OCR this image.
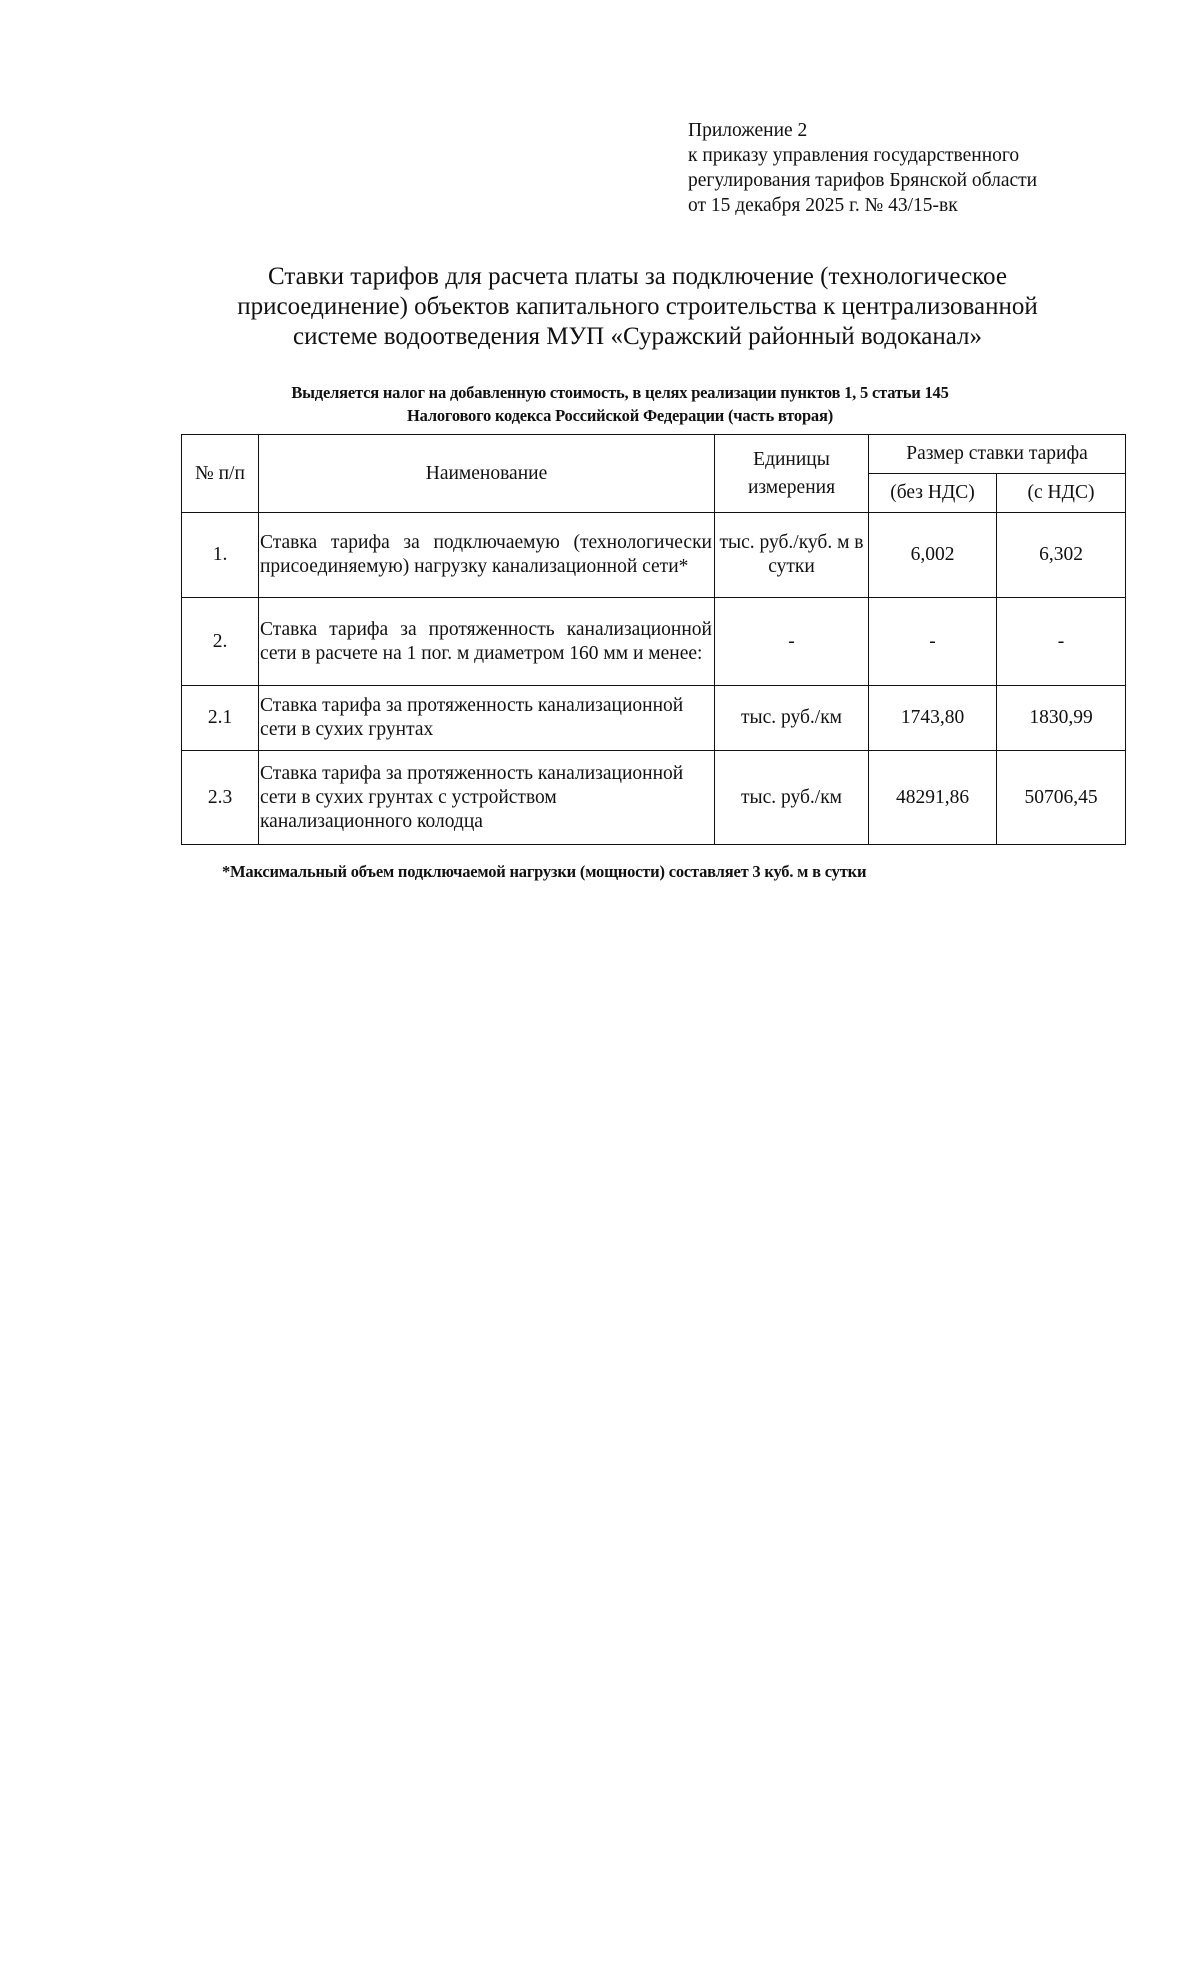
Приложение 2
к приказу управления государственного
регулирования тарифов Брянской области
от 15 декабря 2025 г. № 43/15-вк
Ставки тарифов для расчета платы за подключение (технологическое
присоединение) объектов капитального строительства к централизованной
системе водоотведения МУП «Суражский районный водоканал»
Выделяется налог на добавленную стоимость, в целях реализации пунктов 1, 5 статьи 145
Налогового кодекса Российской Федерации (часть вторая)
№ п/п	Наименование	Единицы измерения	Размер ставки тарифа	
			(без НДС)	(с НДС)
1.	Ставка тарифа за подключаемую (технологически присоединяемую) нагрузку канализационной сети*	тыс. руб./куб. м в сутки	6,002	6,302
2.	Ставка тарифа за протяженность канализационной сети в расчете на 1 пог. м диаметром 160 мм и менее:	-	-	-
2.1	Ставка тарифа за протяженность канализационной сети в сухих грунтах	тыс. руб./км	1743,80	1830,99
2.3	Ставка тарифа за протяженность канализационной сети в сухих грунтах с устройством канализационного колодца	тыс. руб./км	48291,86	50706,45
*Максимальный объем подключаемой нагрузки (мощности) составляет 3 куб. м в сутки
